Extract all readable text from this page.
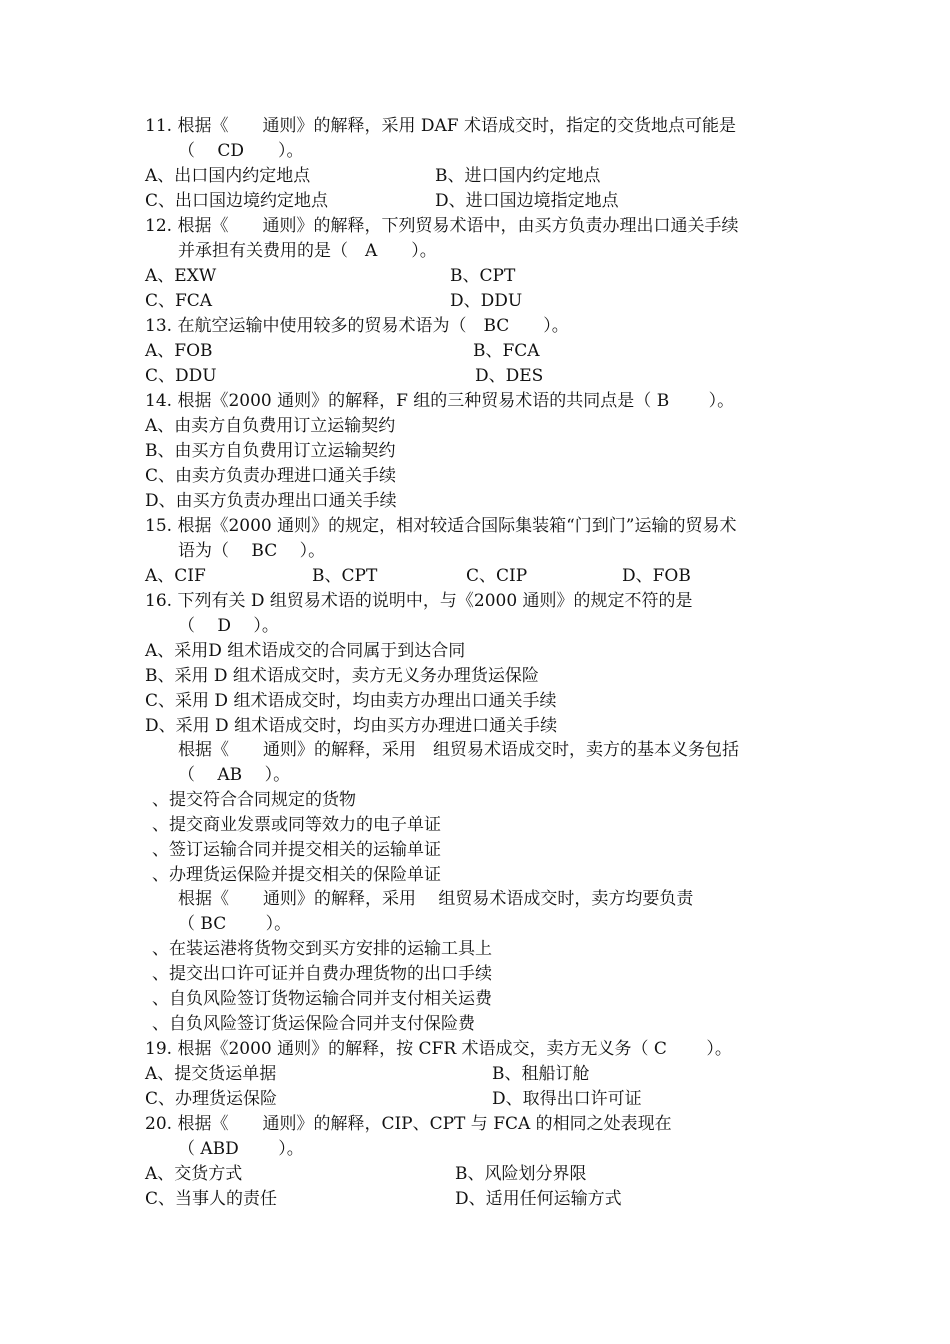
11. 根据《　　通则》的解释，采用 DAF 术语成交时，指定的交货地点可能是

（　 CD　　）。

A、出口国内约定地点	B、进口国内约定地点

C、出口国边境约定地点	D、进口国边境指定地点

12. 根据《　　通则》的解释，下列贸易术语中，由买方负责办理出口通关手续

并承担有关费用的是（　A　　）。

A、EXW	B、CPT

C、FCA	D、DDU

13. 在航空运输中使用较多的贸易术语为（　BC　　）。

A、FOB	B、FCA

C、DDU	D、DES

14. 根据《2000 通则》的解释，F 组的三种贸易术语的共同点是（ B　　 ）。

A、由卖方自负费用订立运输契约

B、由买方自负费用订立运输契约

C、由卖方负责办理进口通关手续

D、由买方负责办理出口通关手续

15. 根据《2000 通则》的规定，相对较适合国际集装箱“门到门”运输的贸易术

语为（　 BC　 ）。

A、CIF	B、CPT	C、CIP	D、FOB

16. 下列有关 D 组贸易术语的说明中，与《2000 通则》的规定不符的是

（　 D　 ）。

A、采用D 组术语成交的合同属于到达合同

B、采用 D 组术语成交时，卖方无义务办理货运保险

C、采用 D 组术语成交时，均由卖方办理出口通关手续

D、采用 D 组术语成交时，均由买方办理进口通关手续

根据《　　通则》的解释，采用　组贸易术语成交时，卖方的基本义务包括

（　 AB　 ）。

、提交符合合同规定的货物

、提交商业发票或同等效力的电子单证

、签订运输合同并提交相关的运输单证

、办理货运保险并提交相关的保险单证

根据《　　通则》的解释，采用　 组贸易术语成交时，卖方均要负责

（ BC　　 ）。

、在装运港将货物交到买方安排的运输工具上

、提交出口许可证并自费办理货物的出口手续

、自负风险签订货物运输合同并支付相关运费

、自负风险签订货运保险合同并支付保险费

19. 根据《2000 通则》的解释，按 CFR 术语成交，卖方无义务（ C　　 ）。

A、提交货运单据	B、租船订舱

C、办理货运保险	D、取得出口许可证

20. 根据《　　通则》的解释，CIP、CPT 与 FCA 的相同之处表现在

（ ABD　　 ）。

A、交货方式	B、风险划分界限

C、当事人的责任	D、适用任何运输方式
